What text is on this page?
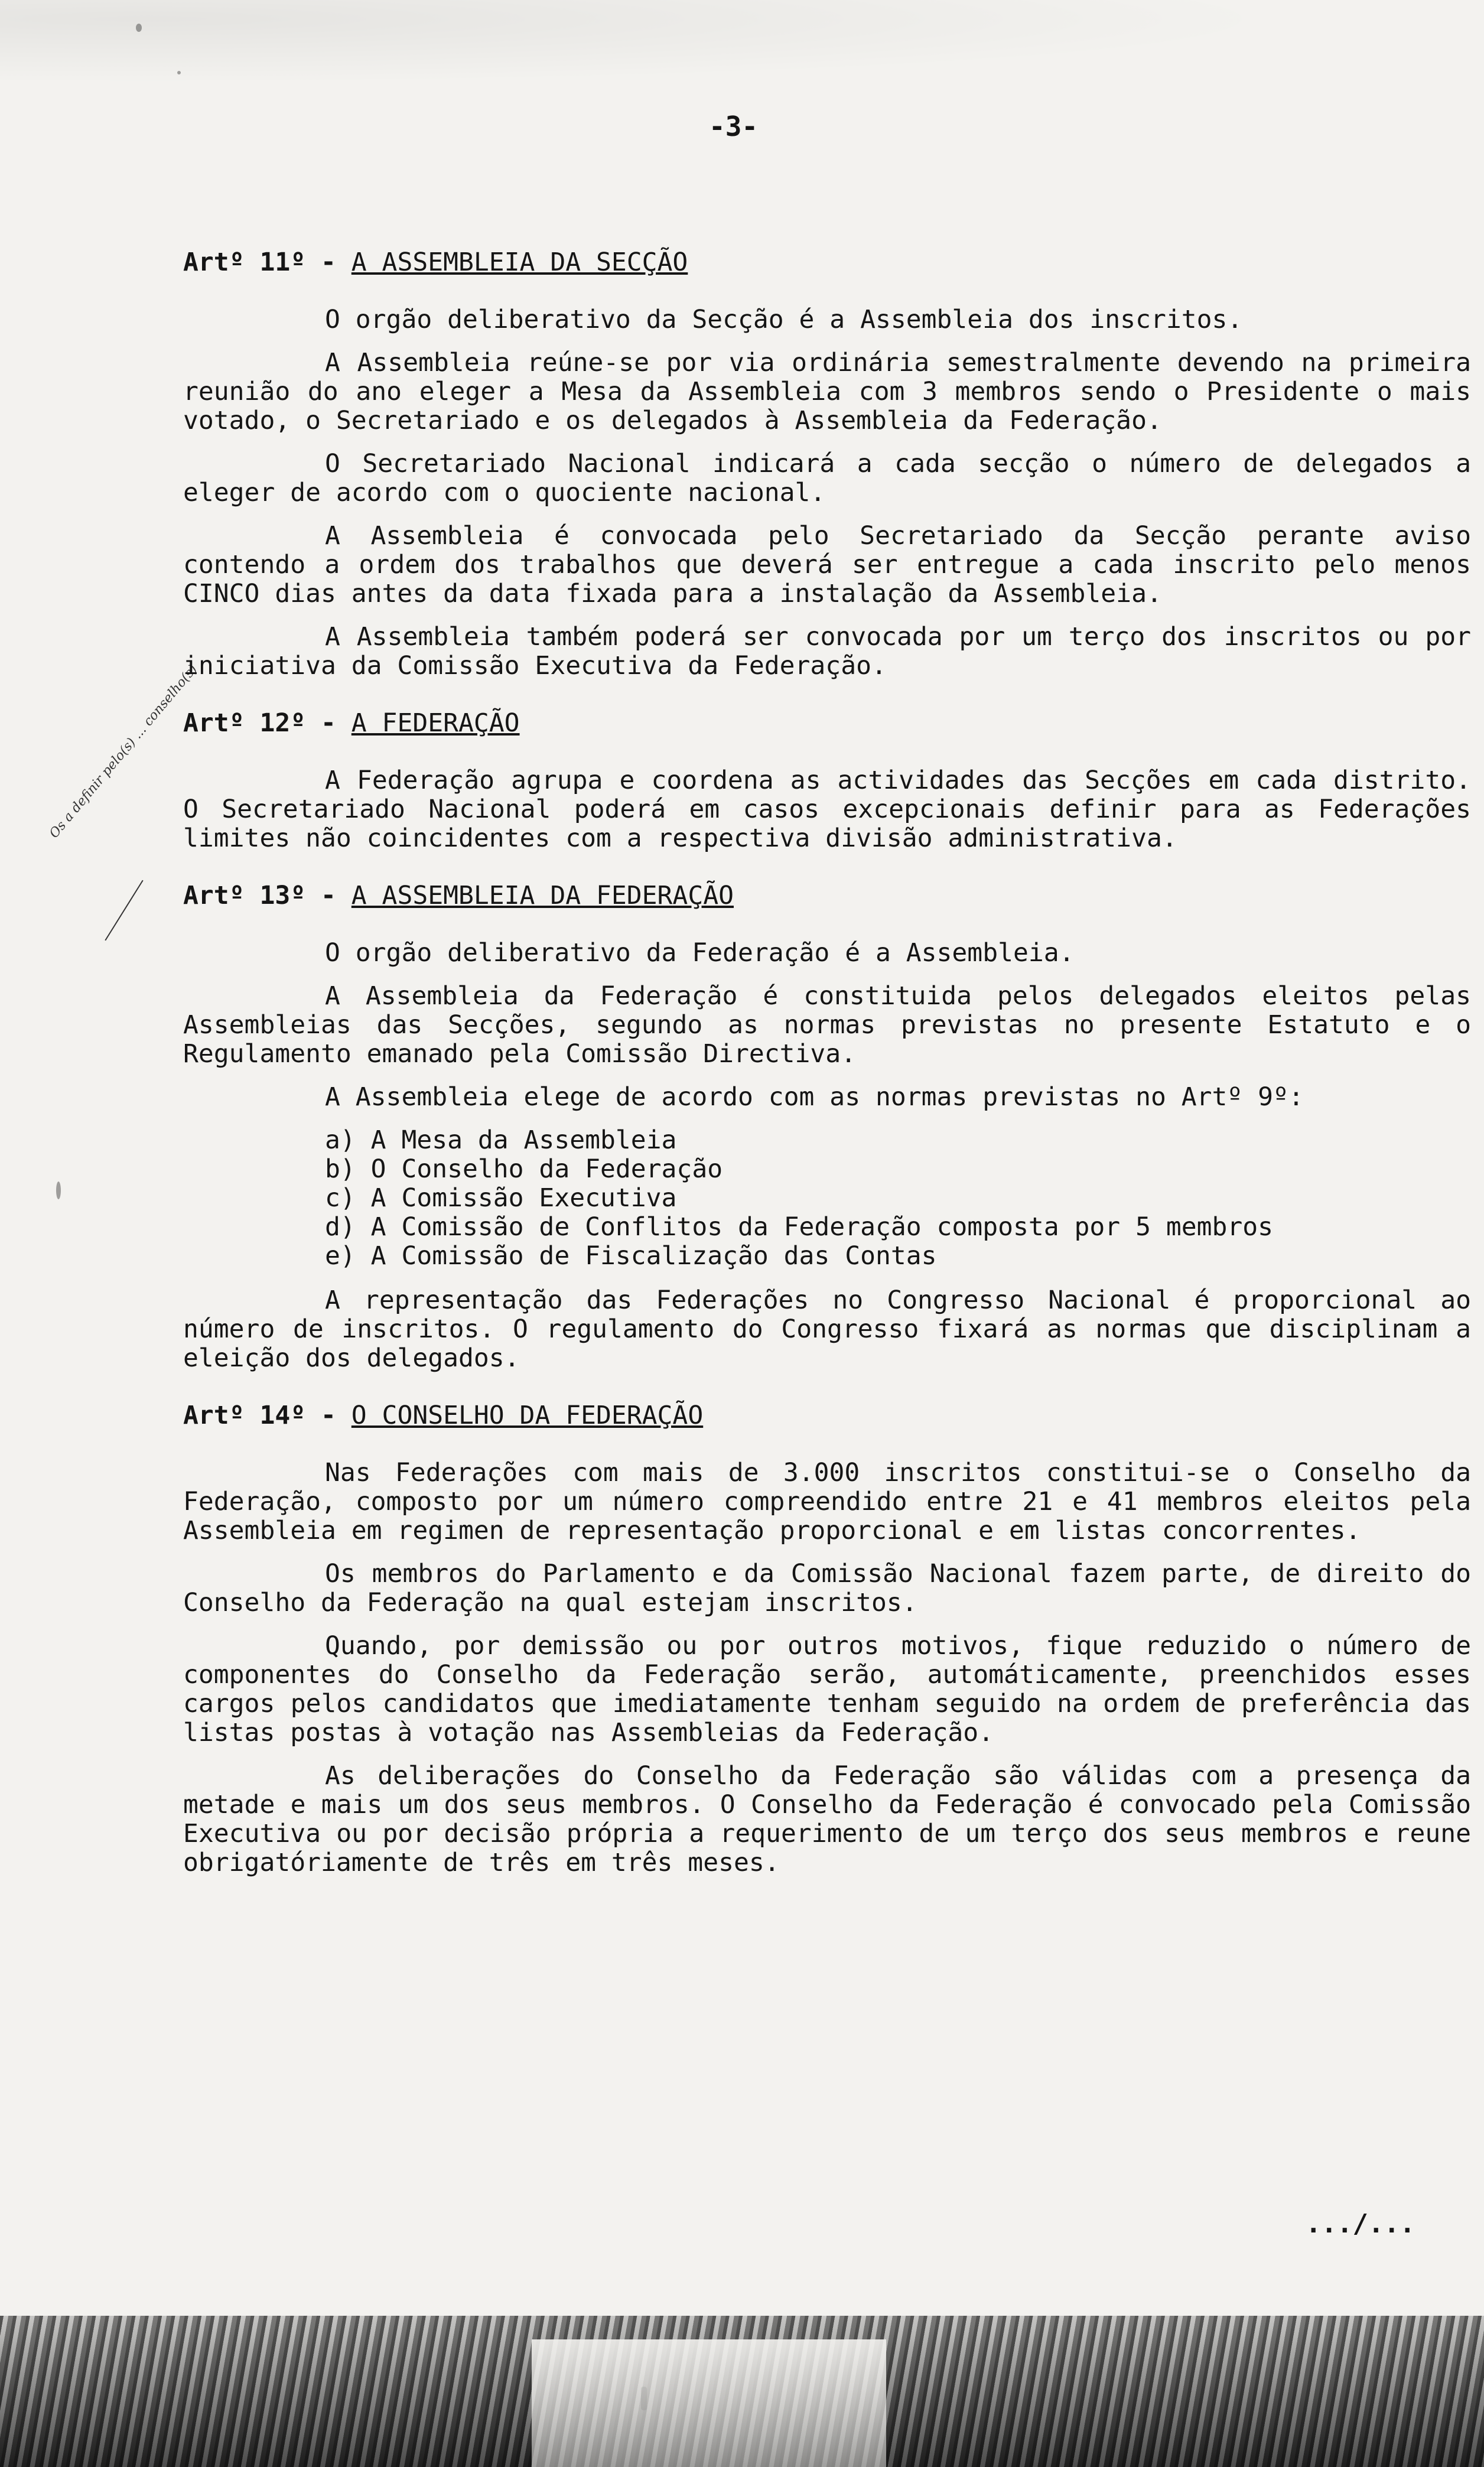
-3-
Os a definir pelo(s) ... conselho(s)
Artº 11º - A ASSEMBLEIA DA SECÇÃO

O orgão deliberativo da Secção é a Assembleia dos inscritos.

A Assembleia reúne-se por via ordinária semestralmente devendo na primeira reunião do ano eleger a Mesa da Assembleia com 3 membros sendo o Presidente o mais votado, o Secretariado e os delegados à Assembleia da Federação.

O Secretariado Nacional indicará a cada secção o número de delegados a eleger de acordo com o quociente nacional.

A Assembleia é convocada pelo Secretariado da Secção perante aviso contendo a ordem dos trabalhos que deverá ser entregue a cada inscrito pelo menos CINCO dias antes da data fixada para a instalação da Assembleia.

A Assembleia também poderá ser convocada por um terço dos inscritos ou por iniciativa da Comissão Executiva da Federação.

Artº 12º - A FEDERAÇÃO

A Federação agrupa e coordena as actividades das Secções em cada distrito. O Secretariado Nacional poderá em casos excepcionais definir para as Federações limites não coincidentes com a respectiva divisão administrativa.

Artº 13º - A ASSEMBLEIA DA FEDERAÇÃO

O orgão deliberativo da Federação é a Assembleia.

A Assembleia da Federação é constituida pelos delegados eleitos pelas Assembleias das Secções, segundo as normas previstas no presente Estatuto e o Regulamento emanado pela Comissão Directiva.

A Assembleia elege de acordo com as normas previstas no Artº 9º:

a) A Mesa da Assembleia
b) O Conselho da Federação
c) A Comissão Executiva
d) A Comissão de Conflitos da Federação composta por 5 membros
e) A Comissão de Fiscalização das Contas

A representação das Federações no Congresso Nacional é proporcional ao número de inscritos. O regulamento do Congresso fixará as normas que disciplinam a eleição dos delegados.

Artº 14º - O CONSELHO DA FEDERAÇÃO

Nas Federações com mais de 3.000 inscritos constitui-se o Conselho da Federação, composto por um número compreendido entre 21 e 41 membros eleitos pela Assembleia em regimen de representação proporcional e em listas concorrentes.

Os membros do Parlamento e da Comissão Nacional fazem parte, de direito do Conselho da Federação na qual estejam inscritos.

Quando, por demissão ou por outros motivos, fique reduzido o número de componentes do Conselho da Federação serão, automáticamente, preenchidos esses cargos pelos candidatos que imediatamente tenham seguido na ordem de preferência das listas postas à votação nas Assembleias da Federação.

As deliberações do Conselho da Federação são válidas com a presença da metade e mais um dos seus membros. O Conselho da Federação é convocado pela Comissão Executiva ou por decisão própria a requerimento de um terço dos seus membros e reune obrigatóriamente de três em três meses.

.../...
